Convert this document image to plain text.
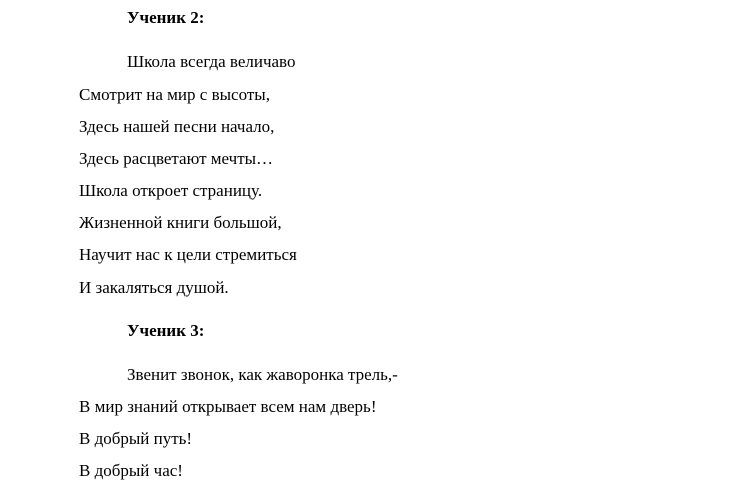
Ученик 2:
Школа всегда величаво
Смотрит на мир с высоты,
Здесь нашей песни начало,
Здесь расцветают мечты…
Школа откроет страницу.
Жизненной книги большой,
Научит нас к цели стремиться
И закаляться душой.
Ученик 3:
Звенит звонок, как жаворонка трель,-
В мир знаний открывает всем нам дверь!
В добрый путь!
В добрый час!
